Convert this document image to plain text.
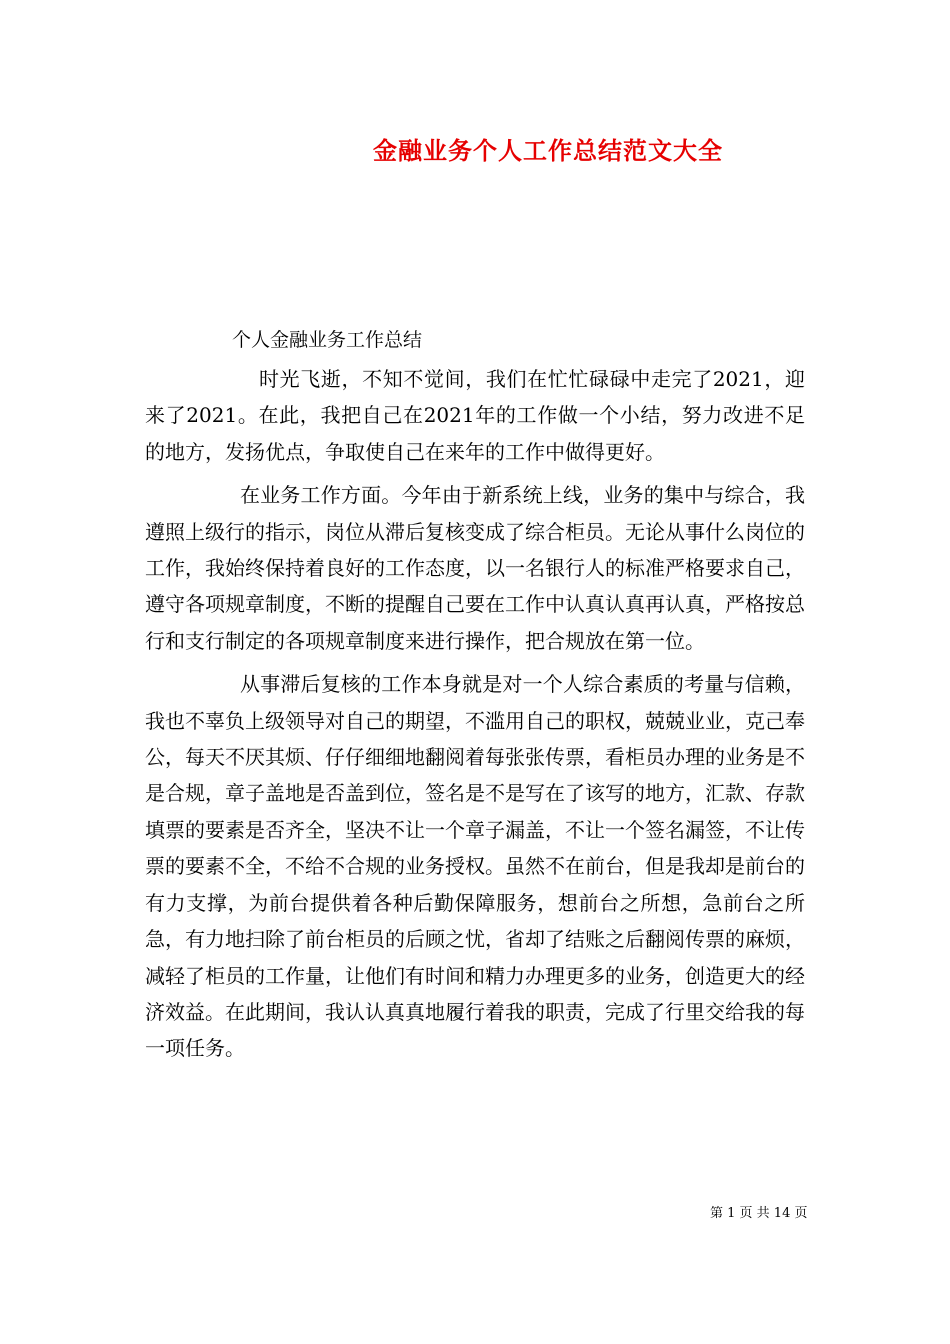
金融业务个人工作总结范文大全
个人金融业务工作总结

时光飞逝，不知不觉间，我们在忙忙碌碌中走完了2021，迎来了2021。在此，我把自己在2021年的工作做一个小结，努力改进不足的地方，发扬优点，争取使自己在来年的工作中做得更好。

在业务工作方面。今年由于新系统上线，业务的集中与综合，我遵照上级行的指示，岗位从滞后复核变成了综合柜员。无论从事什么岗位的工作，我始终保持着良好的工作态度，以一名银行人的标准严格要求自己，遵守各项规章制度，不断的提醒自己要在工作中认真认真再认真，严格按总行和支行制定的各项规章制度来进行操作，把合规放在第一位。

从事滞后复核的工作本身就是对一个人综合素质的考量与信赖，我也不辜负上级领导对自己的期望，不滥用自己的职权，兢兢业业，克己奉公，每天不厌其烦、仔仔细细地翻阅着每张张传票，看柜员办理的业务是不是合规，章子盖地是否盖到位，签名是不是写在了该写的地方，汇款、存款填票的要素是否齐全，坚决不让一个章子漏盖，不让一个签名漏签，不让传票的要素不全，不给不合规的业务授权。虽然不在前台，但是我却是前台的有力支撑，为前台提供着各种后勤保障服务，想前台之所想，急前台之所急，有力地扫除了前台柜员的后顾之忧，省却了结账之后翻阅传票的麻烦，减轻了柜员的工作量，让他们有时间和精力办理更多的业务，创造更大的经济效益。在此期间，我认认真真地履行着我的职责，完成了行里交给我的每一项任务。

第 1 页 共 14 页
